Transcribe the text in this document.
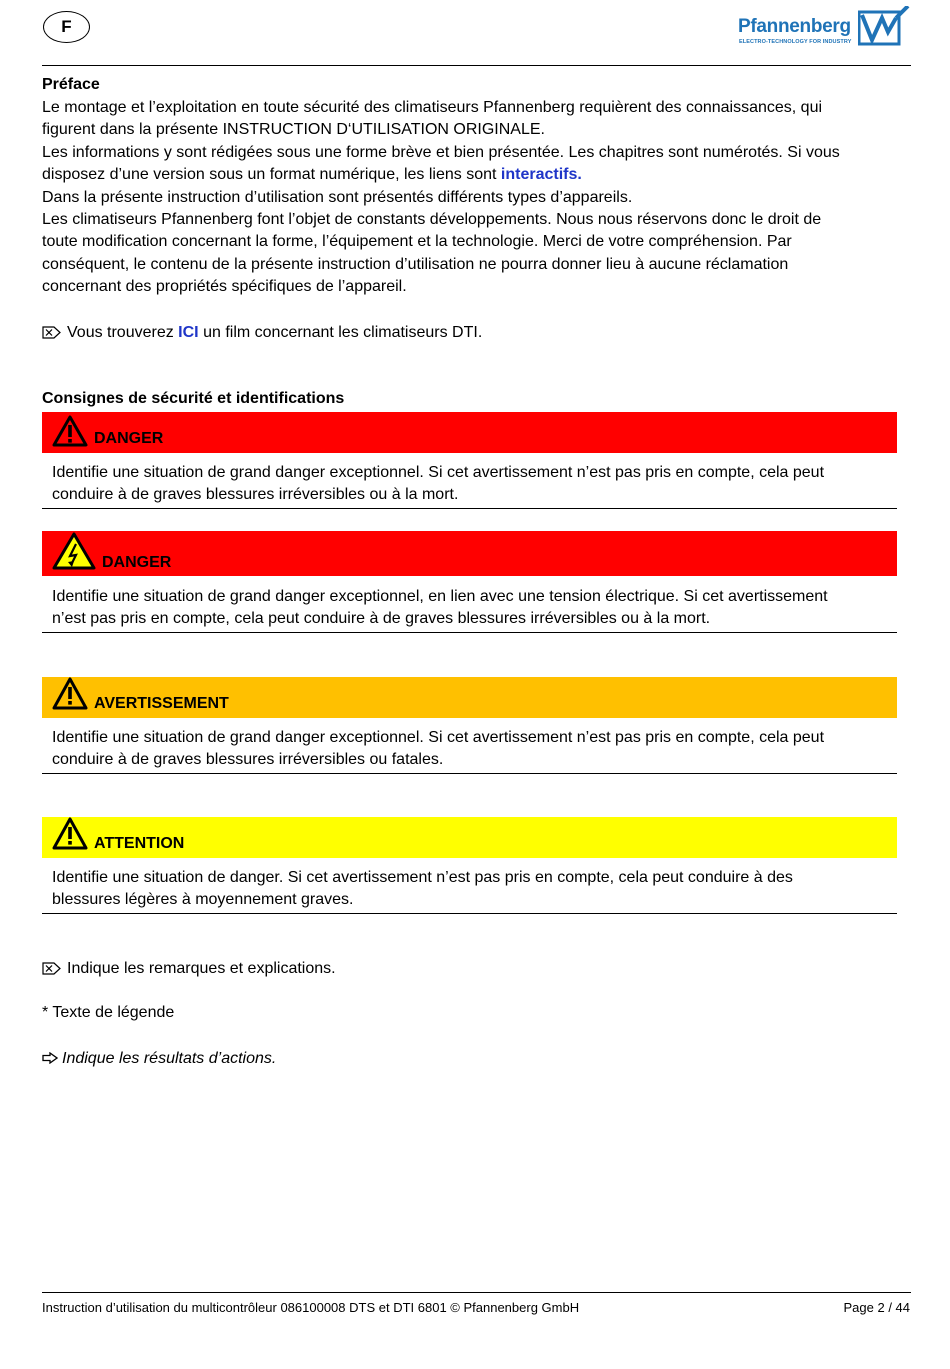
F	Pfannenberg
ELECTRO-TECHNOLOGY FOR INDUSTRY
Préface
Le montage et l’exploitation en toute sécurité des climatiseurs Pfannenberg requièrent des connaissances, qui
figurent dans la présente INSTRUCTION D‘UTILISATION ORIGINALE.
Les informations y sont rédigées sous une forme brève et bien présentée. Les chapitres sont numérotés. Si vous
disposez d’une version sous un format numérique, les liens sont interactifs.
Dans la présente instruction d’utilisation sont présentés différents types d’appareils.
Les climatiseurs Pfannenberg font l’objet de constants développements. Nous nous réservons donc le droit de
toute modification concernant la forme, l’équipement et la technologie. Merci de votre compréhension. Par
conséquent, le contenu de la présente instruction d’utilisation ne pourra donner lieu à aucune réclamation
concernant des propriétés spécifiques de l’appareil.
Vous trouverez ICI un film concernant les climatiseurs DTI.
Consignes de sécurité et identifications
DANGER
Identifie une situation de grand danger exceptionnel. Si cet avertissement n’est pas pris en compte, cela peut
conduire à de graves blessures irréversibles ou à la mort.
DANGER
Identifie une situation de grand danger exceptionnel, en lien avec une tension électrique. Si cet avertissement
n’est pas pris en compte, cela peut conduire à de graves blessures irréversibles ou à la mort.
AVERTISSEMENT
Identifie une situation de grand danger exceptionnel. Si cet avertissement n’est pas pris en compte, cela peut
conduire à de graves blessures irréversibles ou fatales.
ATTENTION
Identifie une situation de danger. Si cet avertissement n’est pas pris en compte, cela peut conduire à des
blessures légères à moyennement graves.
Indique les remarques et explications.
* Texte de légende
Indique les résultats d’actions.
Instruction d’utilisation du multicontrôleur 086100008 DTS et DTI 6801 © Pfannenberg GmbH	Page 2 / 44
